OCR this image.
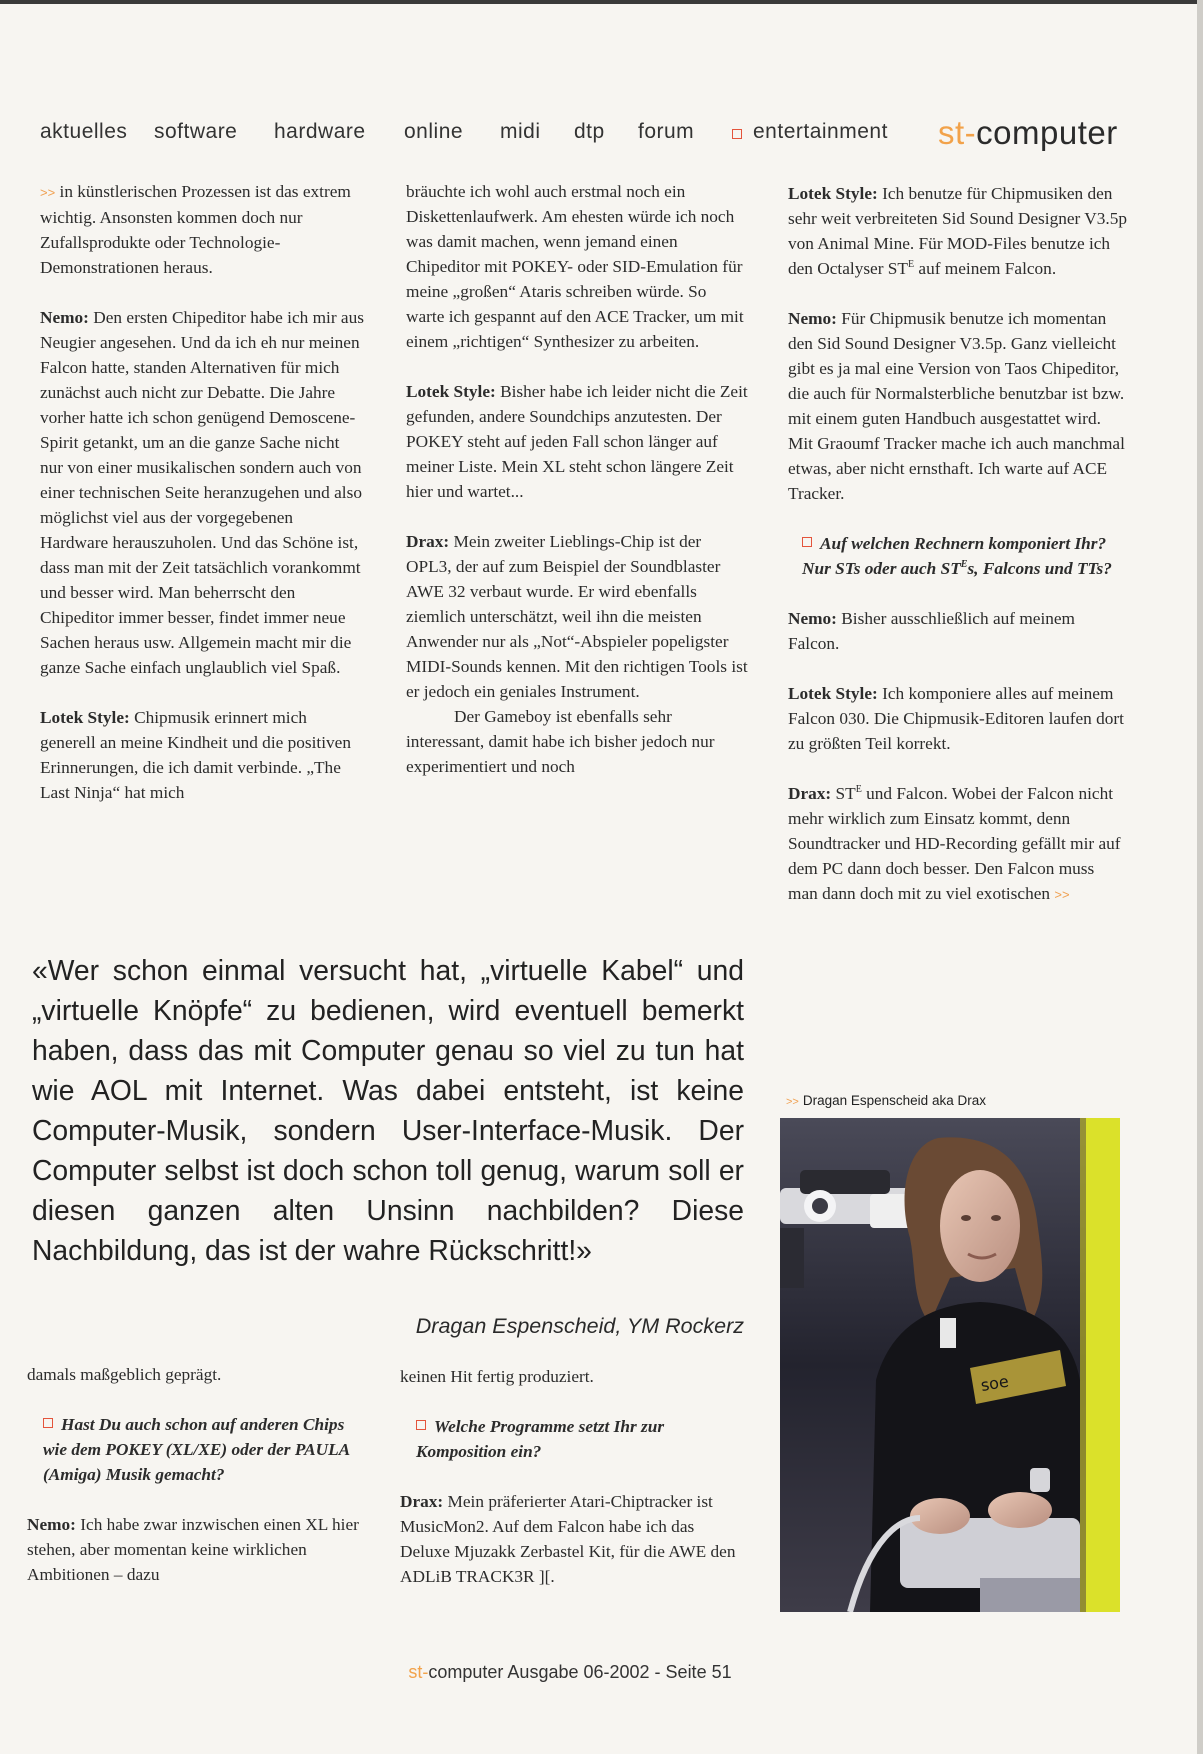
aktuelles software hardware online midi dtp forum	entertainment st-computer

>> in künstlerischen Prozessen ist das extrem wichtig. Ansonsten kommen doch nur Zufallsprodukte oder Technologie-Demonstrationen heraus.

Nemo: Den ersten Chipeditor habe ich mir aus Neugier angesehen. Und da ich eh nur meinen Falcon hatte, standen Alternativen für mich zunächst auch nicht zur Debatte. Die Jahre vorher hatte ich schon genügend Demoscene-Spirit getankt, um an die ganze Sache nicht nur von einer musikalischen sondern auch von einer technischen Seite heranzugehen und also möglichst viel aus der vorgegebenen Hardware herauszuholen. Und das Schöne ist, dass man mit der Zeit tatsächlich vorankommt und besser wird. Man beherrscht den Chipeditor immer besser, findet immer neue Sachen heraus usw. Allgemein macht mir die ganze Sache einfach unglaublich viel Spaß.

Lotek Style: Chipmusik erinnert mich generell an meine Kindheit und die positiven Erinnerungen, die ich damit verbinde. „The Last Ninja“ hat mich

bräuchte ich wohl auch erstmal noch ein Diskettenlaufwerk. Am ehesten würde ich noch was damit machen, wenn jemand einen Chipeditor mit POKEY- oder SID-Emulation für meine „großen“ Ataris schreiben würde. So warte ich gespannt auf den ACE Tracker, um mit einem „richtigen“ Synthesizer zu arbeiten.

Lotek Style: Bisher habe ich leider nicht die Zeit gefunden, andere Soundchips anzutesten. Der POKEY steht auf jeden Fall schon länger auf meiner Liste. Mein XL steht schon längere Zeit hier und wartet...

Drax: Mein zweiter Lieblings-Chip ist der OPL3, der auf zum Beispiel der Soundblaster AWE 32 verbaut wurde. Er wird ebenfalls ziemlich unterschätzt, weil ihn die meisten Anwender nur als „Not“-Abspieler popeligster MIDI-Sounds kennen. Mit den richtigen Tools ist er jedoch ein geniales Instrument.

Der Gameboy ist ebenfalls sehr interessant, damit habe ich bisher jedoch nur experimentiert und noch

Lotek Style: Ich benutze für Chipmusiken den sehr weit verbreiteten Sid Sound Designer V3.5p von Animal Mine. Für MOD-Files benutze ich den Octalyser $ST^E$ auf meinem Falcon.

Nemo: Für Chipmusik benutze ich momentan den Sid Sound Designer V3.5p. Ganz vielleicht gibt es ja mal eine Version von Taos Chipeditor, die auch für Normalsterbliche benutzbar ist bzw. mit einem guten Handbuch ausgestattet wird. Mit Graoumf Tracker mache ich auch manchmal etwas, aber nicht ernsthaft. Ich warte auf ACE Tracker.

Auf welchen Rechnern komponiert Ihr? Nur STs oder auch $ST^Es$, Falcons und TTs?

Nemo: Bisher ausschließlich auf meinem Falcon.

Lotek Style: Ich komponiere alles auf meinem Falcon 030. Die Chipmusik-Editoren laufen dort zu größten Teil korrekt.

Drax: $ST^E$ und Falcon. Wobei der Falcon nicht mehr wirklich zum Einsatz kommt, denn Soundtracker und HD-Recording gefällt mir auf dem PC dann doch besser. Den Falcon muss man dann doch mit zu viel exotischen >>

«Wer schon einmal versucht hat, „virtuelle Kabel“ und „virtuelle Knöpfe“ zu bedienen, wird eventuell bemerkt haben, dass das mit Computer genau so viel zu tun hat wie AOL mit Internet. Was dabei entsteht, ist keine Computer-Musik, sondern User-Interface-Musik. Der Computer selbst ist doch schon toll genug, warum soll er diesen ganzen alten Unsinn nachbilden? Diese Nachbildung, das ist der wahre Rückschritt!»
Dragan Espenscheid, YM Rockerz

damals maßgeblich geprägt.

Hast Du auch schon auf anderen Chips wie dem POKEY (XL/XE) oder der PAULA (Amiga) Musik gemacht?

Nemo: Ich habe zwar inzwischen einen XL hier stehen, aber momentan keine wirklichen Ambitionen – dazu

keinen Hit fertig produziert.

Welche Programme setzt Ihr zur Komposition ein?

Drax: Mein präferierter Atari-Chiptracker ist MusicMon2. Auf dem Falcon habe ich das Deluxe Mjuzakk Zerbastel Kit, für die AWE den ADLiB TRACK3R ][.

>> Dragan Espenscheid aka Drax
soe
st-computer Ausgabe 06-2002 - Seite 51
